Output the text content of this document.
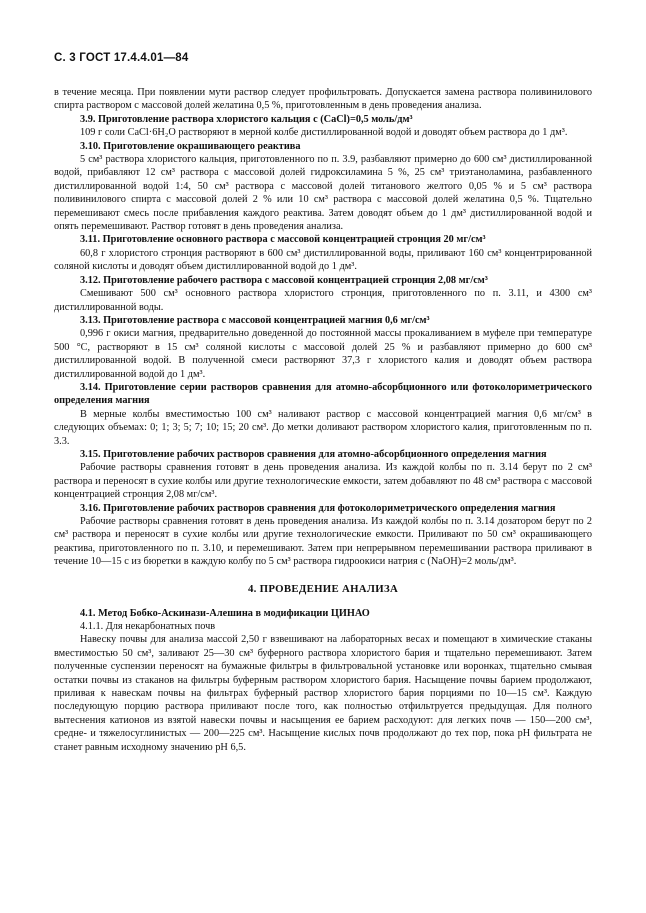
С. 3 ГОСТ 17.4.4.01—84

в течение месяца. При появлении мути раствор следует профильтровать. Допускается замена раствора поливинилового спирта раствором с массовой долей желатина 0,5 %, приготовленным в день проведения анализа.

3.9. Приготовление раствора хлористого кальция c (CaCl)=0,5 моль/дм³

109 г соли CaCl·6H₂O растворяют в мерной колбе дистиллированной водой и доводят объем раствора до 1 дм³.

3.10. Приготовление окрашивающего реактива

5 см³ раствора хлористого кальция, приготовленного по п. 3.9, разбавляют примерно до 600 см³ дистиллированной водой, прибавляют 12 см³ раствора с массовой долей гидроксиламина 5 %, 25 см³ триэтаноламина, разбавленного дистиллированной водой 1:4, 50 см³ раствора с массовой долей титанового желтого 0,05 % и 5 см³ раствора поливинилового спирта с массовой долей 2 % или 10 см³ раствора с массовой долей желатина 0,5 %. Тщательно перемешивают смесь после прибавления каждого реактива. Затем доводят объем до 1 дм³ дистиллированной водой и опять перемешивают. Раствор готовят в день проведения анализа.

3.11. Приготовление основного раствора с массовой концентрацией стронция 20 мг/см³

60,8 г хлористого стронция растворяют в 600 см³ дистиллированной воды, приливают 160 см³ концентрированной соляной кислоты и доводят объем дистиллированной водой до 1 дм³.

3.12. Приготовление рабочего раствора с массовой концентрацией стронция 2,08 мг/см³

Смешивают 500 см³ основного раствора хлористого стронция, приготовленного по п. 3.11, и 4300 см³ дистиллированной воды.

3.13. Приготовление раствора с массовой концентрацией магния 0,6 мг/см³

0,996 г окиси магния, предварительно доведенной до постоянной массы прокаливанием в муфеле при температуре 500 °С, растворяют в 15 см³ соляной кислоты с массовой долей 25 % и разбавляют примерно до 600 см³ дистиллированной водой. В полученной смеси растворяют 37,3 г хлористого калия и доводят объем раствора дистиллированной водой до 1 дм³.

3.14. Приготовление серии растворов сравнения для атомно-абсорбционного или фотоколориметрического определения магния

В мерные колбы вместимостью 100 см³ наливают раствор с массовой концентрацией магния 0,6 мг/см³ в следующих объемах: 0; 1; 3; 5; 7; 10; 15; 20 см³. До метки доливают раствором хлористого калия, приготовленным по п. 3.3.

3.15. Приготовление рабочих растворов сравнения для атомно-абсорбционного определения магния

Рабочие растворы сравнения готовят в день проведения анализа. Из каждой колбы по п. 3.14 берут по 2 см³ раствора и переносят в сухие колбы или другие технологические емкости, затем добавляют по 48 см³ раствора с массовой концентрацией стронция 2,08 мг/см³.

3.16. Приготовление рабочих растворов сравнения для фотоколориметрического определения магния

Рабочие растворы сравнения готовят в день проведения анализа. Из каждой колбы по п. 3.14 дозатором берут по 2 см³ раствора и переносят в сухие колбы или другие технологические емкости. Приливают по 50 см³ окрашивающего реактива, приготовленного по п. 3.10, и перемешивают. Затем при непрерывном перемешивании раствора приливают в течение 10—15 с из бюретки в каждую колбу по 5 см³ раствора гидроокиси натрия c (NaOH)=2 моль/дм³.

4. ПРОВЕДЕНИЕ АНАЛИЗА
4.1. Метод Бобко-Аскинази-Алешина в модификации ЦИНАО

4.1.1. Для некарбонатных почв

Навеску почвы для анализа массой 2,50 г взвешивают на лабораторных весах и помещают в химические стаканы вместимостью 50 см³, заливают 25—30 см³ буферного раствора хлористого бария и тщательно перемешивают. Затем полученные суспензии переносят на бумажные фильтры в фильтровальной установке или воронках, тщательно смывая остатки почвы из стаканов на фильтры буферным раствором хлористого бария. Насыщение почвы барием продолжают, приливая к навескам почвы на фильтрах буферный раствор хлористого бария порциями по 10—15 см³. Каждую последующую порцию раствора приливают после того, как полностью отфильтруется предыдущая. Для полного вытеснения катионов из взятой навески почвы и насыщения ее барием расходуют: для легких почв — 150—200 см³, средне- и тяжелосуглинистых — 200—225 см³. Насыщение кислых почв продолжают до тех пор, пока pH фильтрата не станет равным исходному значению pH 6,5.
